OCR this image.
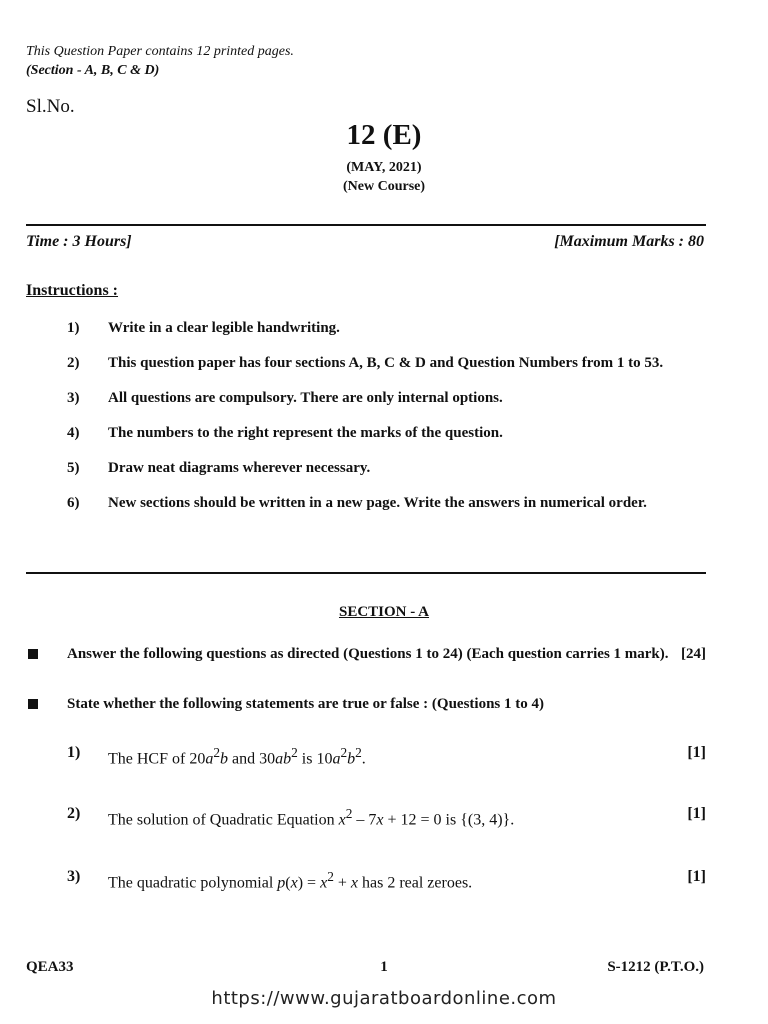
This Question Paper contains 12 printed pages.
(Section - A, B, C & D)
Sl.No.
12 (E)
(MAY, 2021)
(New Course)
Time : 3 Hours]	[Maximum Marks : 80
Instructions :
1)	Write in a clear legible handwriting.
2)	This question paper has four sections A, B, C & D and Question Numbers from 1 to 53.
3)	All questions are compulsory. There are only internal options.
4)	The numbers to the right represent the marks of the question.
5)	Draw neat diagrams wherever necessary.
6)	New sections should be written in a new page. Write the answers in numerical order.
SECTION - A
Answer the following questions as directed (Questions 1 to 24) (Each question carries 1 mark). [24]
State whether the following statements are true or false : (Questions 1 to 4)
1)	The HCF of $20a^2b$ and $30ab^2$ is $10a^2b^2$.	[1]
2)	The solution of Quadratic Equation $x^2 - 7x + 12 = 0$ is {(3, 4)}.	[1]
3)	The quadratic polynomial $p(x) = x^2 + x$ has 2 real zeroes.	[1]
QEA33	1	S-1212 (P.T.O.)
https://www.gujaratboardonline.com
